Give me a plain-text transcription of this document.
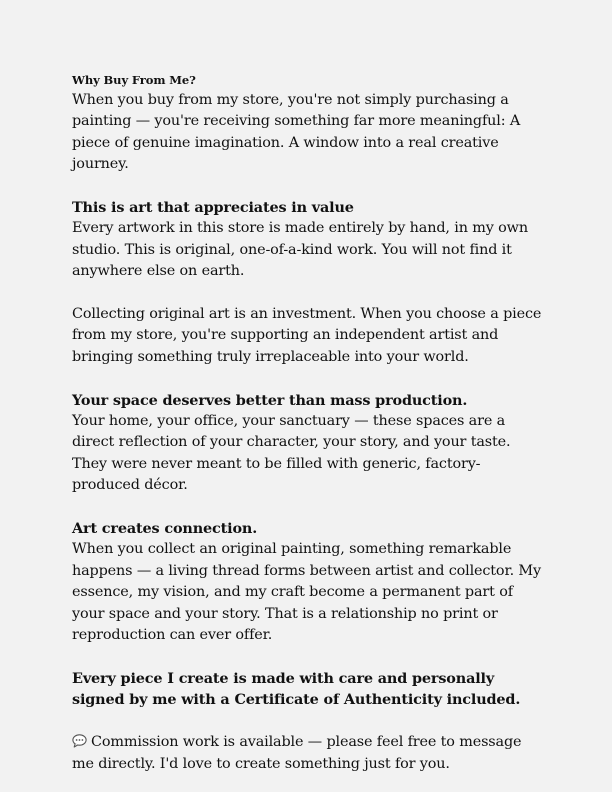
Why Buy From Me?

When you buy from my store, you're not simply purchasing a painting — you're receiving something far more meaningful: A piece of genuine imagination. A window into a real creative journey.

This is art that appreciates in value

Every artwork in this store is made entirely by hand, in my own studio. This is original, one-of-a-kind work. You will not find it anywhere else on earth.

Collecting original art is an investment. When you choose a piece from my store, you're supporting an independent artist and bringing something truly irreplaceable into your world.

Your space deserves better than mass production.

Your home, your office, your sanctuary — these spaces are a direct reflection of your character, your story, and your taste. They were never meant to be filled with generic, factory-produced décor.

Art creates connection.

When you collect an original painting, something remarkable happens — a living thread forms between artist and collector. My essence, my vision, and my craft become a permanent part of your space and your story. That is a relationship no print or reproduction can ever offer.

Every piece I create is made with care and personally signed by me with a Certificate of Authenticity included.

Commission work is available — please feel free to message me directly. I'd love to create something just for you.
